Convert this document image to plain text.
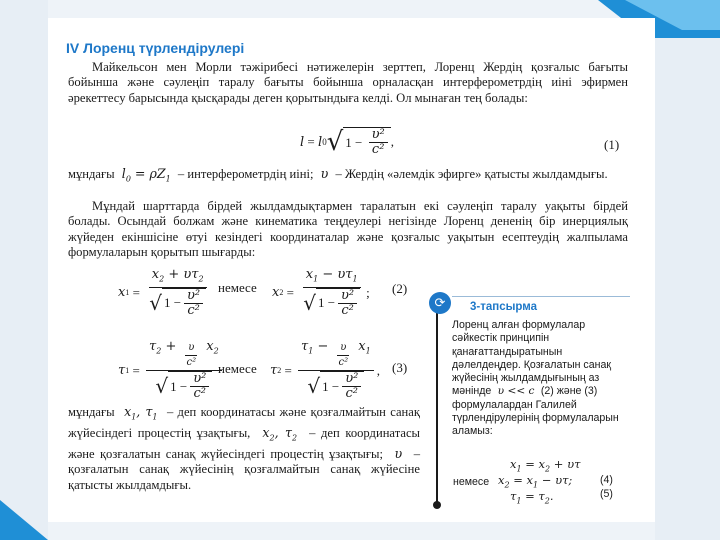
IV Лоренц түрлендірулері

Майкельсон мен Морли тәжірибесі нәтижелерін зерттеп, Лоренц Жердің қозғалыс бағыты бойынша және сәулеңіп таралу бағыты бойынша орналасқан интерферометрдің иіні эфирмен әрекеттесу барысында қысқарады деген қорытындыға келді. Ол мынаған тең болады:

l = l 0 √ $1 - \frac{\text{υ²}}{\text{c²}}$ ,	(1)
мұндағы  $l_0 = \rho Z_1$ – интерферометрдің иіні;  υ  – Жердің «әлемдік эфирге» қатысты жылдамдығы.

Мұндай шарттарда бірдей жылдамдықтармен таралатын екі сәулеңіп таралу уақыты бірдей болады. Осындай болжам және кинематика теңдеулері негізінде Лоренц дененің бір инерциялық жүйеден екіншісіне өтуі кезіндегі координаталар және қозғалыс уақытын есептеудің жалпылама формулаларын қорытып шығарды:

x $1 = \frac{x_2 + \upsilon\tau_2}{√ 1 - \frac{\text{υ²}}{\text{c²}}}$ немесе x $2 = \frac{x_1 - \upsilon\tau_1}{√ 1 - \frac{\text{υ²}}{\text{c²}}}$ ; (2)
τ $1 = \frac{\tau_2 + \frac{\upsilon}{\text{c²}} x_2}{√ 1 - \frac{\text{υ²}}{\text{c²}}}$
немесе τ $2 = \frac{\tau_1 - \frac{\upsilon}{\text{c²}} x_1}{√ 1 - \frac{\text{υ²}}{\text{c²}}}$ , (3)
мұндағы  $x_1$, $\tau_1$ – деп координатасы және қозғалмайтын санақ жүйесіндегі процестің ұзақтығы,  $x_2$, $\tau_2$ – деп координатасы және қозғалатын санақ жүйесіндегі процестің ұзақтығы;  υ  – қозғалатын санақ жүйесінің қозғалмайтын санақ жүйесіне қатысты жылдамдығы.
⟳	3-тапсырма
Лоренц алған формулалар сәйкестік принципін қанағаттандыратынын дәлелдеңдер. Қозғалатын санақ жүйесінің жылдамдығының аз мәнінде  υ << c  (2) және (3) формулалардан Галилей түрлендірулерінің формулаларын аламыз:
$x_1 = x_2 + \upsilon\tau$
немесе $x_2 = x_1 - \upsilon\tau$;
$\tau_1 = \tau_2$.
(4)
(5)
